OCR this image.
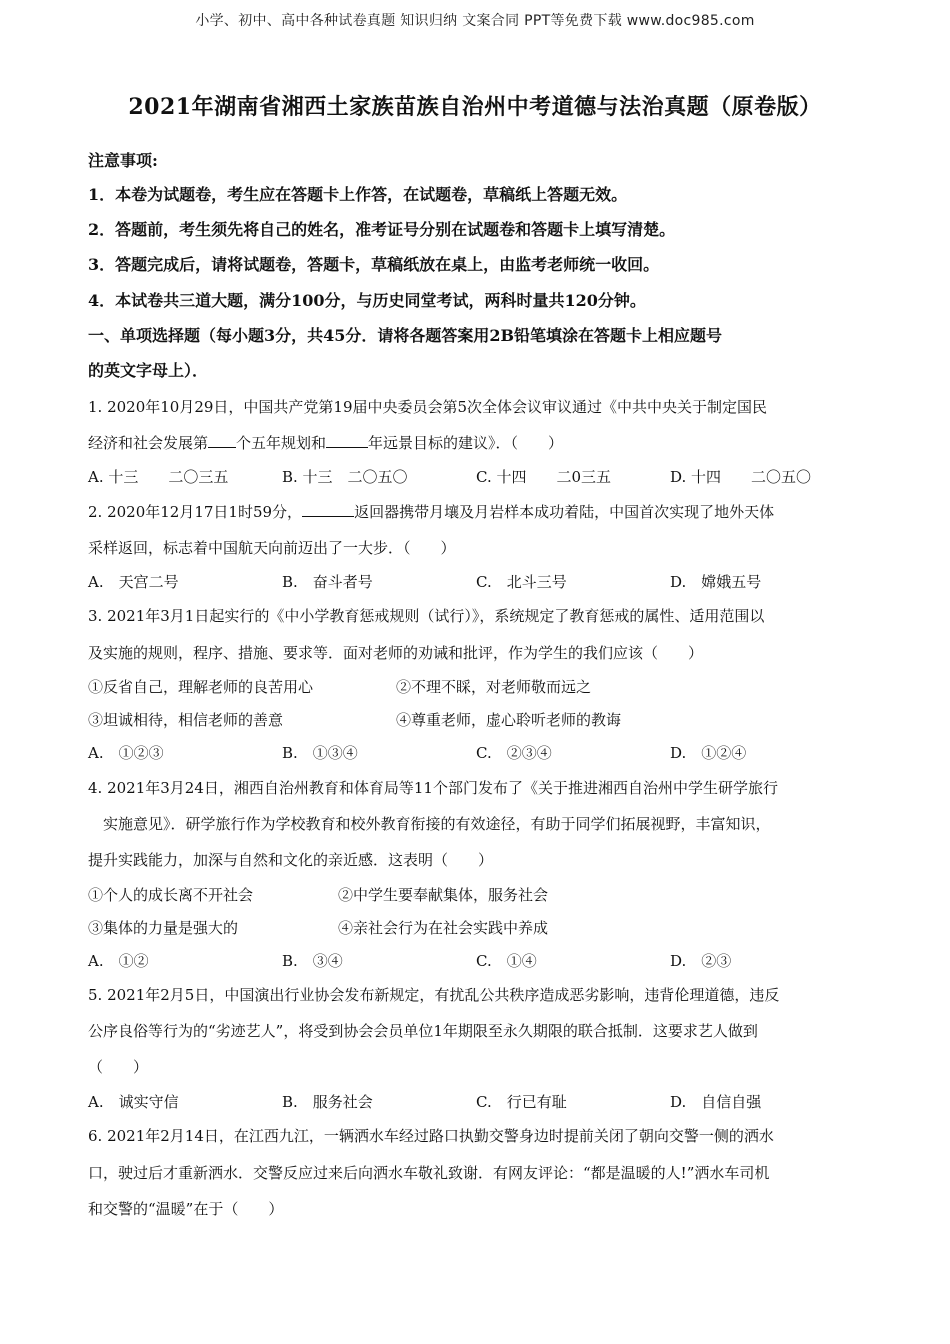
小学、初中、高中各种试卷真题 知识归纳 文案合同 PPT等免费下载 www.doc985.com
2021年湖南省湘西土家族苗族自治州中考道德与法治真题（原卷版）
注意事项:
1．本卷为试题卷，考生应在答题卡上作答，在试题卷，草稿纸上答题无效。
2．答题前，考生须先将自己的姓名，准考证号分别在试题卷和答题卡上填写清楚。
3．答题完成后，请将试题卷，答题卡，草稿纸放在桌上，由监考老师统一收回。
4．本试卷共三道大题，满分100分，与历史同堂考试，两科时量共120分钟。
一、单项选择题（每小题3分，共45分．请将各题答案用2B铅笔填涂在答题卡上相应题号
的英文字母上）．
1. 2020年10月29日，中国共产党第19届中央委员会第5次全体会议审议通过《中共中央关于制定国民
经济和社会发展第 个五年规划和	年远景目标的建议》．（　　）
A. 十三　　二〇三五	B. 十三　二〇五〇	C. 十四　　二0三五	D. 十四　　二〇五〇
2. 2020年12月17日1时59分，	返回器携带月壤及月岩样本成功着陆，中国首次实现了地外天体
采样返回，标志着中国航天向前迈出了一大步．（　　）
A.　天宫二号	B.　奋斗者号	C.　北斗三号	D.　嫦娥五号
3. 2021年3月1日起实行的《中小学教育惩戒规则（试行）》，系统规定了教育惩戒的属性、适用范围以
及实施的规则，程序、措施、要求等．面对老师的劝诫和批评，作为学生的我们应该（　　）
①反省自己，理解老师的良苦用心	②不理不睬，对老师敬而远之
③坦诚相待，相信老师的善意	④尊重老师，虚心聆听老师的教诲
A.　①②③	B.　①③④	C.　②③④	D.　①②④
4. 2021年3月24日，湘西自治州教育和体育局等11个部门发布了《关于推进湘西自治州中学生研学旅行
　实施意见》．研学旅行作为学校教育和校外教育衔接的有效途径，有助于同学们拓展视野，丰富知识，
提升实践能力，加深与自然和文化的亲近感．这表明（　　）
①个人的成长离不开社会	②中学生要奉献集体，服务社会
③集体的力量是强大的	④亲社会行为在社会实践中养成
A.　①②	B.　③④	C.　①④	D.　②③
5. 2021年2月5日，中国演出行业协会发布新规定，有扰乱公共秩序造成恶劣影响，违背伦理道德，违反
公序良俗等行为的“劣迹艺人”，将受到协会会员单位1年期限至永久期限的联合抵制．这要求艺人做到
（　　）
A.　诚实守信	B.　服务社会	C.　行已有耻	D.　自信自强
6. 2021年2月14日，在江西九江，一辆洒水车经过路口执勤交警身边时提前关闭了朝向交警一侧的洒水
口，驶过后才重新洒水．交警反应过来后向洒水车敬礼致谢．有网友评论：“都是温暖的人!”洒水车司机
和交警的“温暖”在于（　　）
